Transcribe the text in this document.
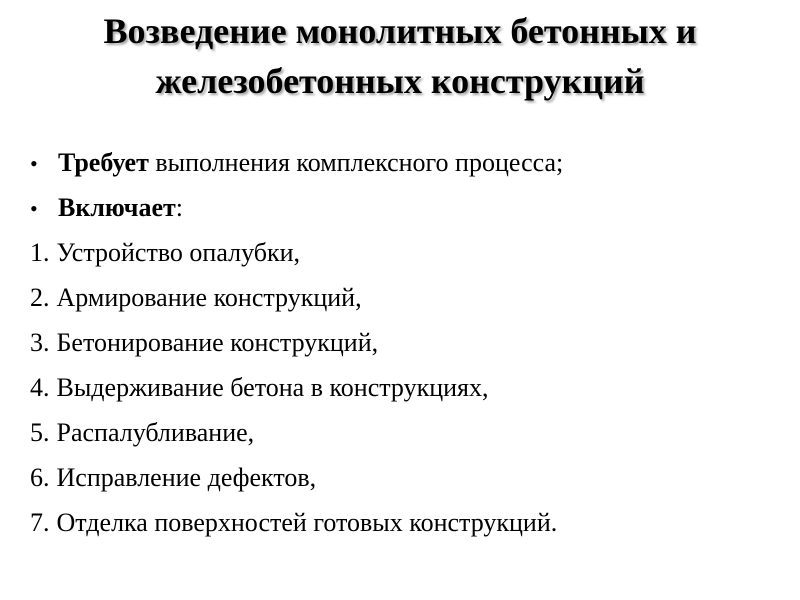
Возведение монолитных бетонных и
железобетонных конструкций
• Требует выполнения комплексного процесса;
• Включает :
1. Устройство опалубки,
2. Армирование конструкций,
3. Бетонирование конструкций,
4. Выдерживание бетона в конструкциях,
5. Распалубливание,
6. Исправление дефектов,
7. Отделка поверхностей готовых конструкций.
